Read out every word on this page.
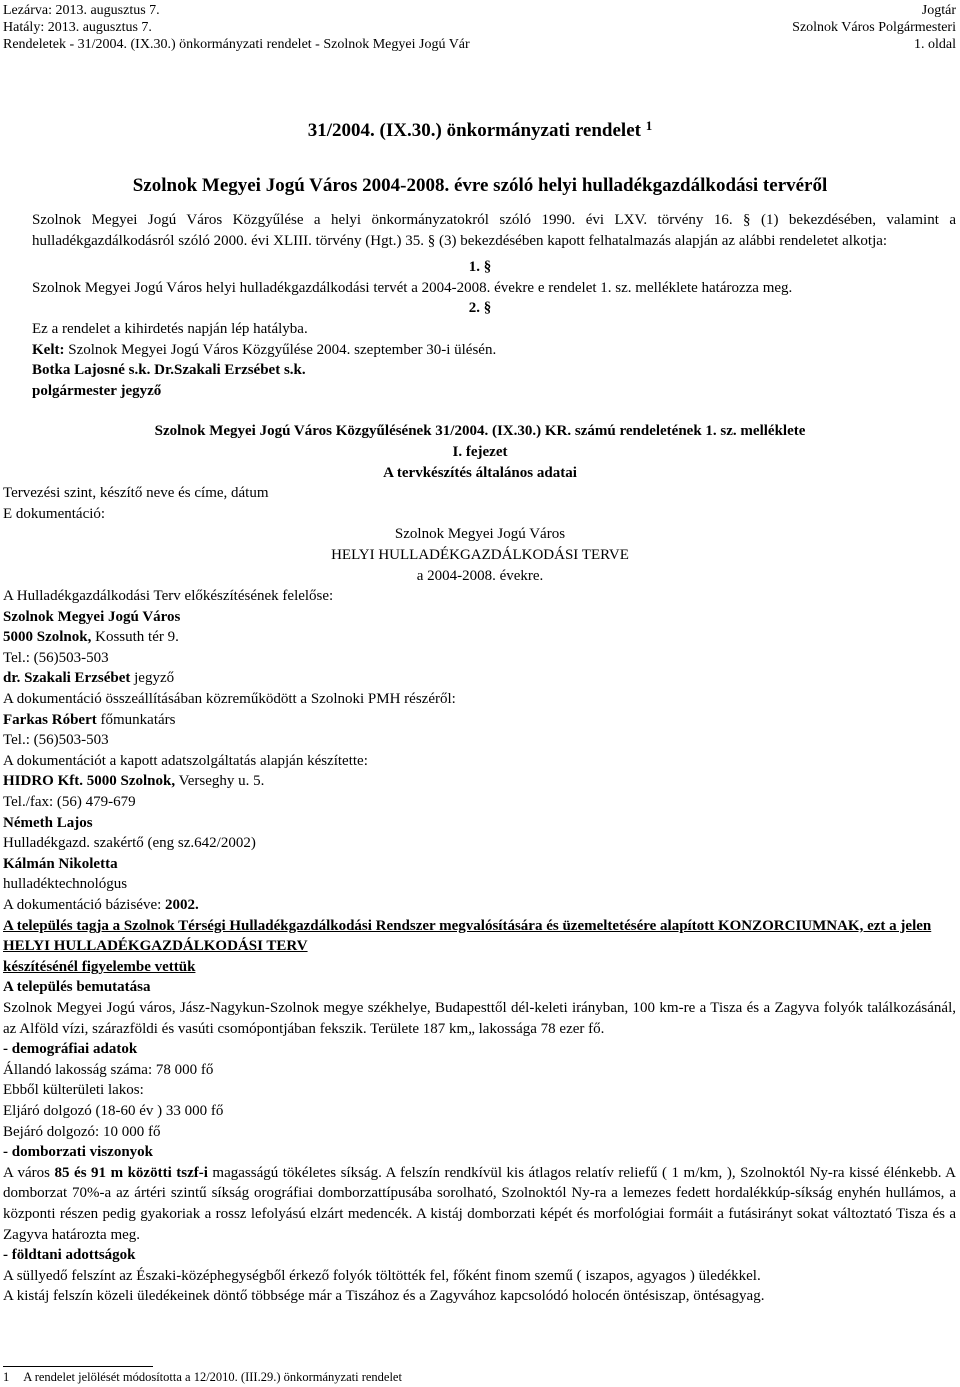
Lezárva: 2013. augusztus 7.
Hatály: 2013. augusztus 7.
Rendeletek - 31/2004. (IX.30.) önkormányzati rendelet - Szolnok Megyei Jogú Vár
Jogtár
Szolnok Város Polgármesteri
1. oldal
31/2004. (IX.30.) önkormányzati rendelet $^1$
Szolnok Megyei Jogú Város 2004-2008. évre szóló helyi hulladékgazdálkodási tervéről

Szolnok Megyei Jogú Város Közgyűlése a helyi önkormányzatokról szóló 1990. évi LXV. törvény 16. § (1) bekezdésében, valamint a hulladékgazdálkodásról szóló 2000. évi XLIII. törvény (Hgt.) 35. § (3) bekezdésében kapott felhatalmazás alapján az alábbi rendeletet alkotja:

1. §

Szolnok Megyei Jogú Város helyi hulladékgazdálkodási tervét a 2004-2008. évekre e rendelet 1. sz. melléklete határozza meg.

2. §

Ez a rendelet a kihirdetés napján lép hatályba.

Kelt: Szolnok Megyei Jogú Város Közgyűlése 2004. szeptember 30-i ülésén.

Botka Lajosné s.k. Dr.Szakali Erzsébet s.k.

polgármester jegyző

Szolnok Megyei Jogú Város Közgyűlésének 31/2004. (IX.30.) KR. számú rendeletének 1. sz. melléklete

I. fejezet

A tervkészítés általános adatai

Tervezési szint, készítő neve és címe, dátum

E dokumentáció:

Szolnok Megyei Jogú Város

HELYI HULLADÉKGAZDÁLKODÁSI TERVE

a 2004-2008. évekre.

A Hulladékgazdálkodási Terv előkészítésének felelőse:

Szolnok Megyei Jogú Város

5000 Szolnok, Kossuth tér 9.

Tel.: (56)503-503

dr. Szakali Erzsébet jegyző

A dokumentáció összeállításában közreműködött a Szolnoki PMH részéről:

Farkas Róbert főmunkatárs

Tel.: (56)503-503

A dokumentációt a kapott adatszolgáltatás alapján készítette:

HIDRO Kft. 5000 Szolnok, Verseghy u. 5.

Tel./fax: (56) 479-679

Németh Lajos

Hulladékgazd. szakértő (eng sz.642/2002)

Kálmán Nikoletta

hulladéktechnológus

A dokumentáció báziséve: 2002.

A település tagja a Szolnok Térségi Hulladékgazdálkodási Rendszer megvalósítására és üzemeltetésére alapított KONZORCIUMNAK, ezt a jelen

HELYI HULLADÉKGAZDÁLKODÁSI TERV

készítésénél figyelembe vettük

A település bemutatása

Szolnok Megyei Jogú város, Jász-Nagykun-Szolnok megye székhelye, Budapesttől dél-keleti irányban, 100 km-re a Tisza és a Zagyva folyók találkozásánál, az Alföld vízi, szárazföldi és vasúti csomópontjában fekszik. Területe 187 km„ lakossága 78 ezer fő.

- demográfiai adatok

Állandó lakosság száma: 78 000 fő

Ebből külterületi lakos:

Eljáró dolgozó (18-60 év ) 33 000 fő

Bejáró dolgozó: 10 000 fő

- domborzati viszonyok

A város 85 és 91 m közötti tszf-i magasságú tökéletes síkság. A felszín rendkívül kis átlagos relatív reliefű ( 1 m/km, ), Szolnoktól Ny-ra kissé élénkebb. A domborzat 70%-a az ártéri szintű síkság orográfiai domborzattípusába sorolható, Szolnoktól Ny-ra a lemezes fedett hordalékkúp-síkság enyhén hullámos, a központi részen pedig gyakoriak a rossz lefolyású elzárt medencék. A kistáj domborzati képét és morfológiai formáit a futásirányt sokat változtató Tisza és a Zagyva határozta meg.

- földtani adottságok

A süllyedő felszínt az Északi-középhegységből érkező folyók töltötték fel, főként finom szemű ( iszapos, agyagos ) üledékkel.

A kistáj felszín közeli üledékeinek döntő többsége már a Tiszához és a Zagyvához kapcsolódó holocén öntésiszap, öntésagyag.

1 A rendelet jelölését módosította a 12/2010. (III.29.) önkormányzati rendelet
